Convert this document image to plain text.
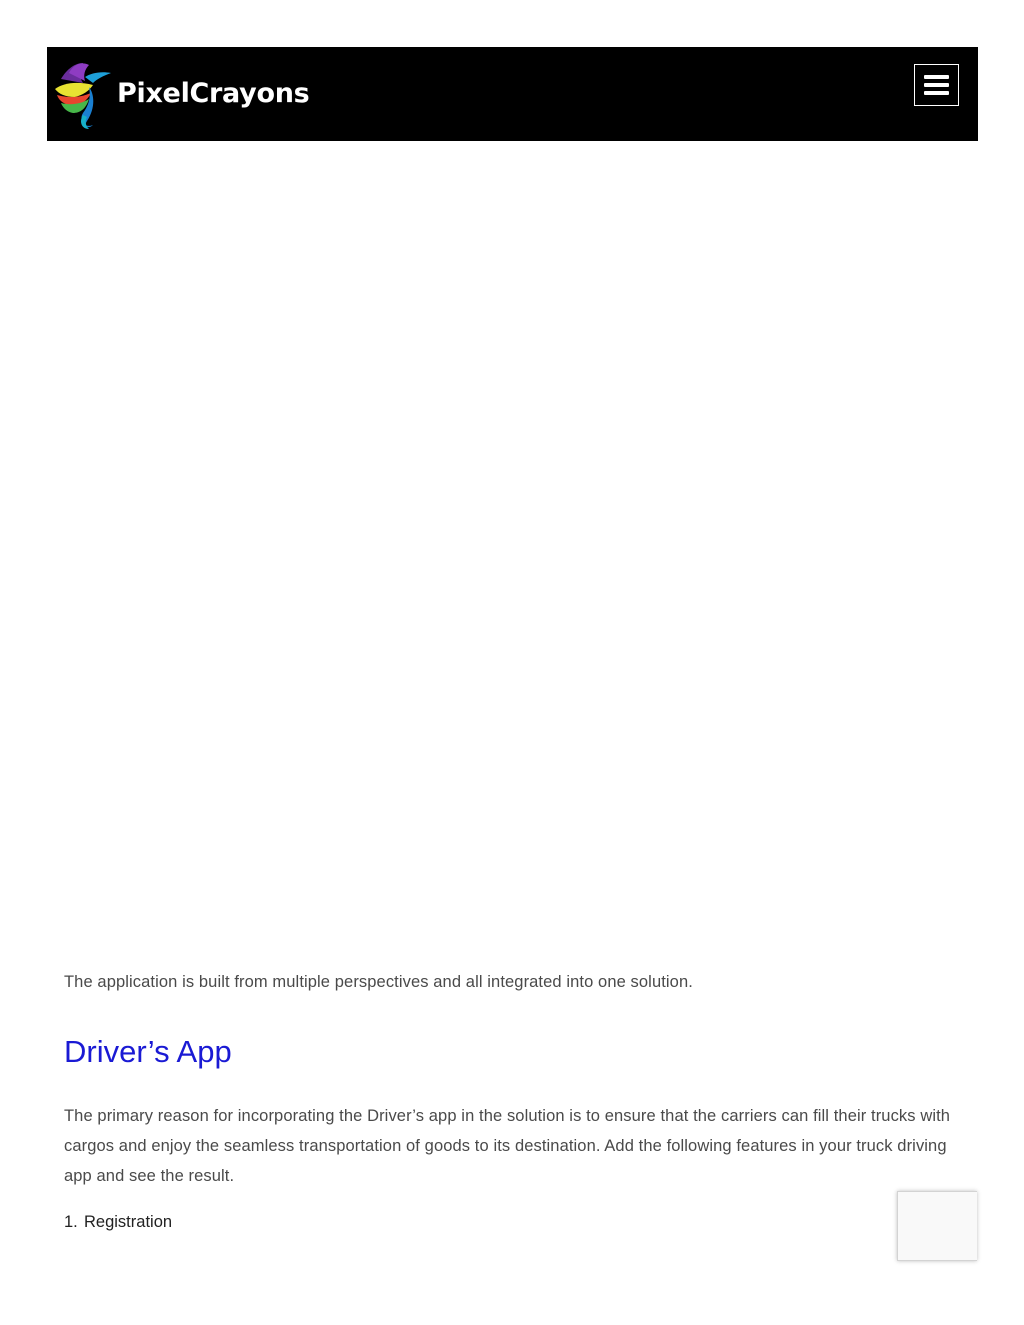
PixelCrayons

The application is built from multiple perspectives and all integrated into one solution.

Driver’s App

The primary reason for incorporating the Driver’s app in the solution is to ensure that the carriers can fill their trucks with cargos and enjoy the seamless transportation of goods to its destination. Add the following features in your truck driving app and see the result.

1. Registration
